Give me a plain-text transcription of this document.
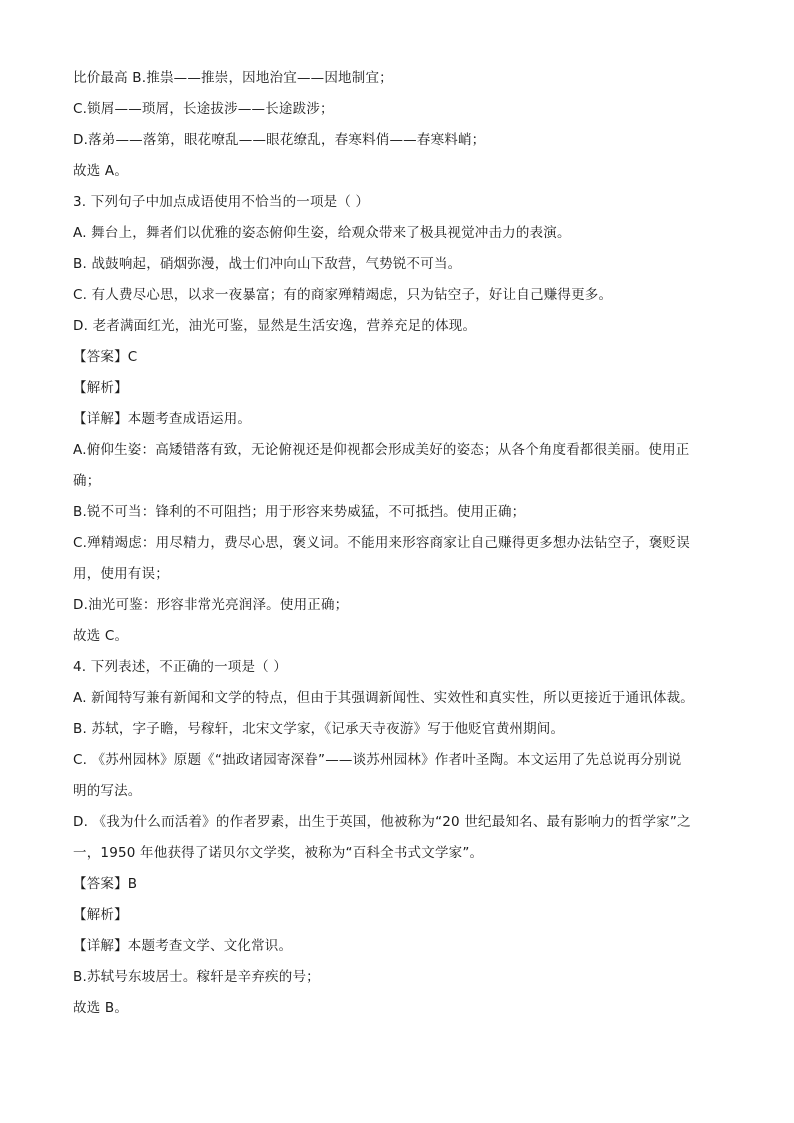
比价最高 B.推祟——推崇，因地治宜——因地制宜；
C.锁屑——琐屑，长途拔涉——长途跋涉；
D.落弟——落第，眼花嘹乱——眼花缭乱，春寒料俏——春寒料峭；
故选 A。
3. 下列句子中加点成语使用不恰当的一项是（ ）
A. 舞台上，舞者们以优雅的姿态俯仰生姿，给观众带来了极具视觉冲击力的表演。
B. 战鼓响起，硝烟弥漫，战士们冲向山下敌营，气势锐不可当。
C. 有人费尽心思，以求一夜暴富；有的商家殚精竭虑，只为钻空子，好让自己赚得更多。
D. 老者满面红光，油光可鉴，显然是生活安逸，营养充足的体现。
【答案】C
【解析】
【详解】本题考查成语运用。
A.俯仰生姿：高矮错落有致，无论俯视还是仰视都会形成美好的姿态；从各个角度看都很美丽。使用正
确；
B.锐不可当：锋利的不可阻挡；用于形容来势威猛，不可抵挡。使用正确；
C.殚精竭虑：用尽精力，费尽心思，褒义词。不能用来形容商家让自己赚得更多想办法钻空子，褒贬误
用，使用有误；
D.油光可鉴：形容非常光亮润泽。使用正确；
故选 C。
4. 下列表述，不正确的一项是（ ）
A. 新闻特写兼有新闻和文学的特点，但由于其强调新闻性、实效性和真实性，所以更接近于通讯体裁。
B. 苏轼，字子瞻，号稼轩，北宋文学家，《记承天寺夜游》写于他贬官黄州期间。
C. 《苏州园林》原题《“拙政诸园寄深眷”——谈苏州园林》作者叶圣陶。本文运用了先总说再分别说
明的写法。
D. 《我为什么而活着》的作者罗素，出生于英国，他被称为“20 世纪最知名、最有影响力的哲学家”之
一，1950 年他获得了诺贝尔文学奖，被称为“百科全书式文学家”。
【答案】B
【解析】
【详解】本题考查文学、文化常识。
B.苏轼号东坡居士。稼轩是辛弃疾的号；
故选 B。
